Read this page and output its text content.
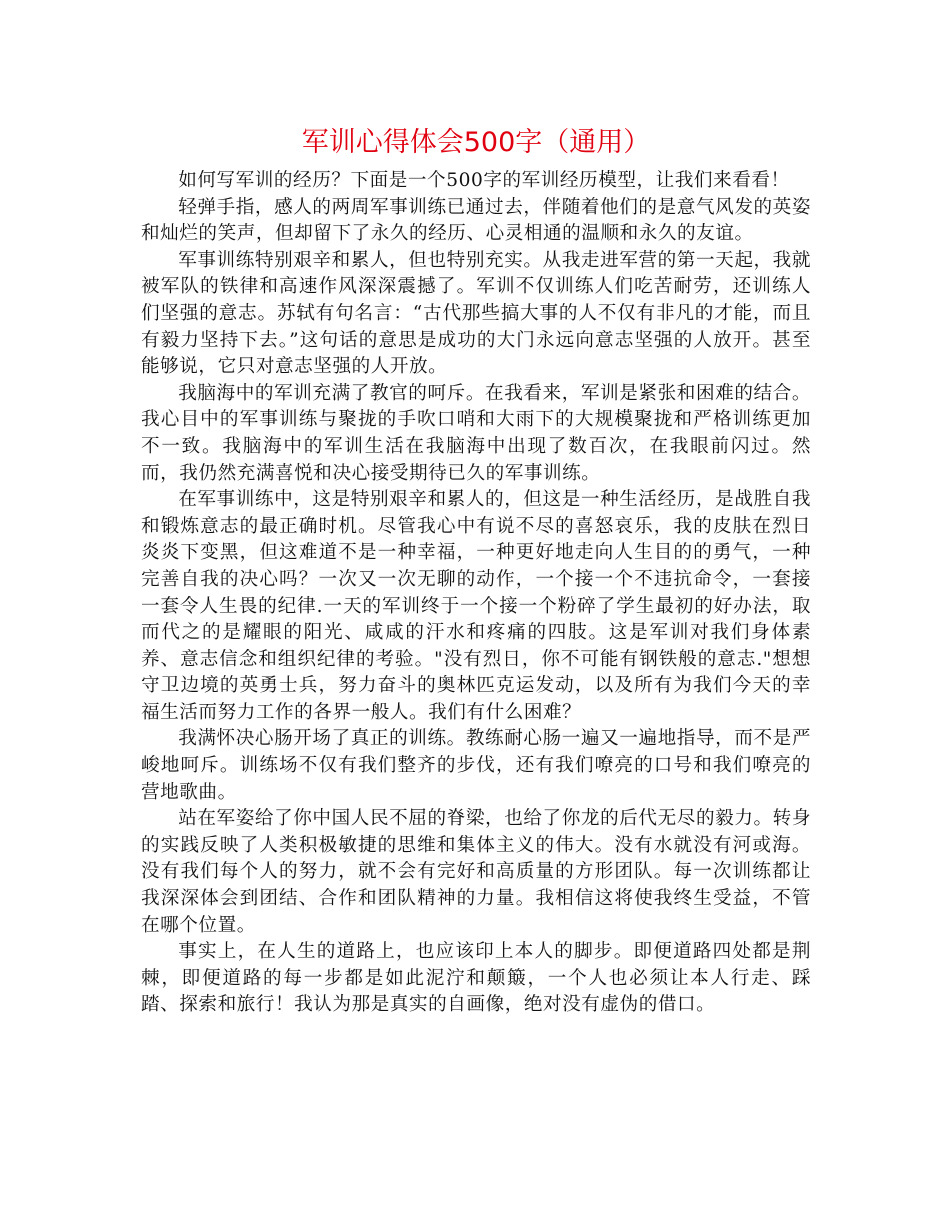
军训心得体会500字（通用）

如何写军训的经历？下面是一个500字的军训经历模型，让我们来看看！

轻弹手指，感人的两周军事训练已通过去，伴随着他们的是意气风发的英姿和灿烂的笑声，但却留下了永久的经历、心灵相通的温顺和永久的友谊。

军事训练特别艰辛和累人，但也特别充实。从我走进军营的第一天起，我就被军队的铁律和高速作风深深震撼了。军训不仅训练人们吃苦耐劳，还训练人们坚强的意志。苏轼有句名言：“古代那些搞大事的人不仅有非凡的才能，而且有毅力坚持下去。”这句话的意思是成功的大门永远向意志坚强的人放开。甚至能够说，它只对意志坚强的人开放。

我脑海中的军训充满了教官的呵斥。在我看来，军训是紧张和困难的结合。我心目中的军事训练与聚拢的手吹口哨和大雨下的大规模聚拢和严格训练更加不一致。我脑海中的军训生活在我脑海中出现了数百次，在我眼前闪过。然而，我仍然充满喜悦和决心接受期待已久的军事训练。

在军事训练中，这是特别艰辛和累人的，但这是一种生活经历，是战胜自我和锻炼意志的最正确时机。尽管我心中有说不尽的喜怒哀乐，我的皮肤在烈日炎炎下变黑，但这难道不是一种幸福，一种更好地走向人生目的的勇气，一种完善自我的决心吗？一次又一次无聊的动作，一个接一个不违抗命令，一套接一套令人生畏的纪律.一天的军训终于一个接一个粉碎了学生最初的好办法，取而代之的是耀眼的阳光、咸咸的汗水和疼痛的四肢。这是军训对我们身体素养、意志信念和组织纪律的考验。"没有烈日，你不可能有钢铁般的意志."想想守卫边境的英勇士兵，努力奋斗的奥林匹克运发动，以及所有为我们今天的幸福生活而努力工作的各界一般人。我们有什么困难？

我满怀决心肠开场了真正的训练。教练耐心肠一遍又一遍地指导，而不是严峻地呵斥。训练场不仅有我们整齐的步伐，还有我们嘹亮的口号和我们嘹亮的营地歌曲。

站在军姿给了你中国人民不屈的脊梁，也给了你龙的后代无尽的毅力。转身的实践反映了人类积极敏捷的思维和集体主义的伟大。没有水就没有河或海。没有我们每个人的努力，就不会有完好和高质量的方形团队。每一次训练都让我深深体会到团结、合作和团队精神的力量。我相信这将使我终生受益，不管在哪个位置。

事实上，在人生的道路上，也应该印上本人的脚步。即便道路四处都是荆棘，即便道路的每一步都是如此泥泞和颠簸，一个人也必须让本人行走、踩踏、探索和旅行！我认为那是真实的自画像，绝对没有虚伪的借口。
